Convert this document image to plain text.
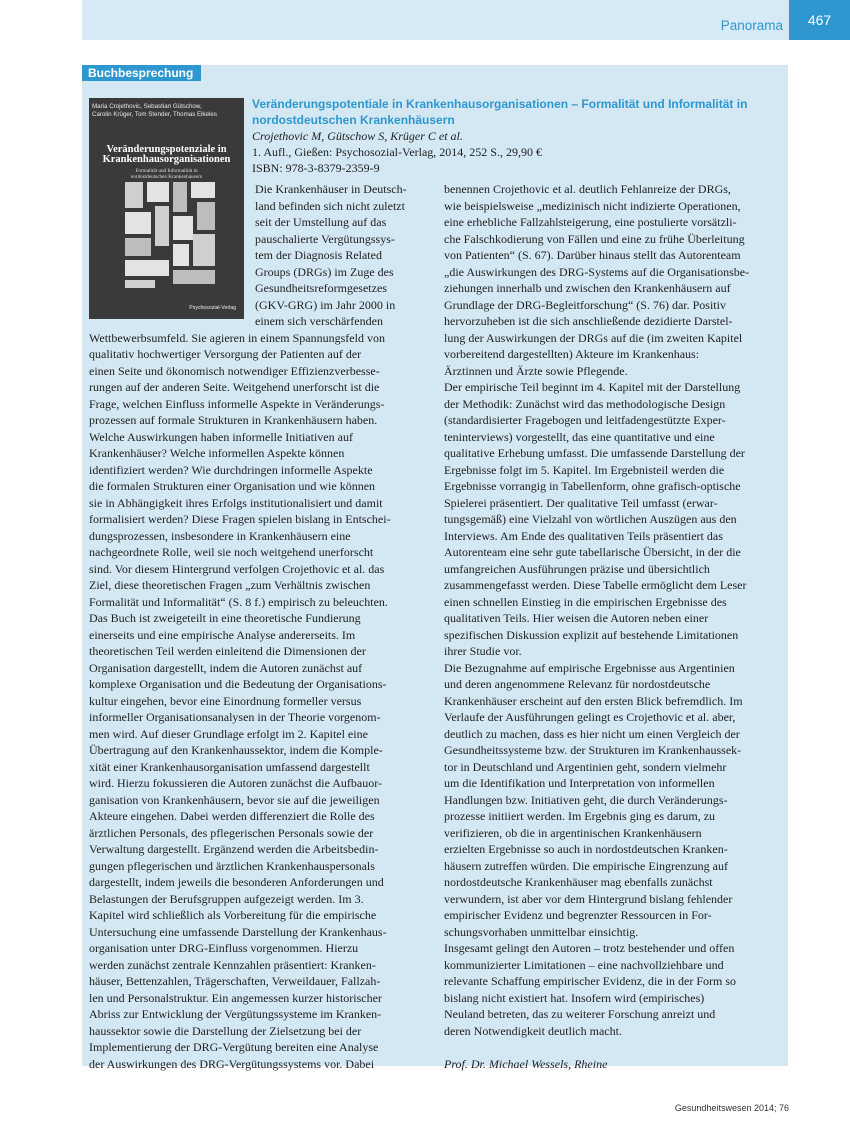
Panorama	467
Buchbesprechung
Maria Crojethovic, Sebastian Gütschow,
Carolin Krüger, Tom Stender, Thomas Elkeles
Veränderungspotenziale in
Krankenhausorganisationen
Formalität und Informalität in
nordostdeutschen Krankenhäusern
Psychosozial-Verlag
Veränderungspotentiale in Krankenhausorganisationen – Formalität und Informalität in
nordostdeutschen Krankenhäusern
Crojethovic M, Gütschow S, Krüger C et al.
1. Aufl., Gießen: Psychosozial-Verlag, 2014, 252 S., 29,90 €
ISBN: 978-3-8379-2359-9
Die Krankenhäuser in Deutsch-
land befinden sich nicht zuletzt
seit der Umstellung auf das
pauschalierte Vergütungssys-
tem der Diagnosis Related
Groups (DRGs) im Zuge des
Gesundheitsreformgesetzes
(GKV-GRG) im Jahr 2000 in
einem sich verschärfenden
Wettbewerbsumfeld. Sie agieren in einem Spannungsfeld von
qualitativ hochwertiger Versorgung der Patienten auf der
einen Seite und ökonomisch notwendiger Effizienzverbesse-
rungen auf der anderen Seite. Weitgehend unerforscht ist die
Frage, welchen Einfluss informelle Aspekte in Veränderungs-
prozessen auf formale Strukturen in Krankenhäusern haben.
Welche Auswirkungen haben informelle Initiativen auf
Krankenhäuser? Welche informellen Aspekte können
identifiziert werden? Wie durchdringen informelle Aspekte
die formalen Strukturen einer Organisation und wie können
sie in Abhängigkeit ihres Erfolgs institutionalisiert und damit
formalisiert werden? Diese Fragen spielen bislang in Entschei-
dungsprozessen, insbesondere in Krankenhäusern eine
nachgeordnete Rolle, weil sie noch weitgehend unerforscht
sind. Vor diesem Hintergrund verfolgen Crojethovic et al. das
Ziel, diese theoretischen Fragen „zum Verhältnis zwischen
Formalität und Informalität“ (S. 8 f.) empirisch zu beleuchten.
Das Buch ist zweigeteilt in eine theoretische Fundierung
einerseits und eine empirische Analyse andererseits. Im
theoretischen Teil werden einleitend die Dimensionen der
Organisation dargestellt, indem die Autoren zunächst auf
komplexe Organisation und die Bedeutung der Organisations-
kultur eingehen, bevor eine Einordnung formeller versus
informeller Organisationsanalysen in der Theorie vorgenom-
men wird. Auf dieser Grundlage erfolgt im 2. Kapitel eine
Übertragung auf den Krankenhaussektor, indem die Komple-
xität einer Krankenhausorganisation umfassend dargestellt
wird. Hierzu fokussieren die Autoren zunächst die Aufbauor-
ganisation von Krankenhäusern, bevor sie auf die jeweiligen
Akteure eingehen. Dabei werden differenziert die Rolle des
ärztlichen Personals, des pflegerischen Personals sowie der
Verwaltung dargestellt. Ergänzend werden die Arbeitsbedin-
gungen pflegerischen und ärztlichen Krankenhauspersonals
dargestellt, indem jeweils die besonderen Anforderungen und
Belastungen der Berufsgruppen aufgezeigt werden. Im 3.
Kapitel wird schließlich als Vorbereitung für die empirische
Untersuchung eine umfassende Darstellung der Krankenhaus-
organisation unter DRG-Einfluss vorgenommen. Hierzu
werden zunächst zentrale Kennzahlen präsentiert: Kranken-
häuser, Bettenzahlen, Trägerschaften, Verweildauer, Fallzah-
len und Personalstruktur. Ein angemessen kurzer historischer
Abriss zur Entwicklung der Vergütungssysteme im Kranken-
haussektor sowie die Darstellung der Zielsetzung bei der
Implementierung der DRG-Vergütung bereiten eine Analyse
der Auswirkungen des DRG-Vergütungssystems vor. Dabei
benennen Crojethovic et al. deutlich Fehlanreize der DRGs,
wie beispielsweise „medizinisch nicht indizierte Operationen,
eine erhebliche Fallzahlsteigerung, eine postulierte vorsätzli-
che Falschkodierung von Fällen und eine zu frühe Überleitung
von Patienten“ (S. 67). Darüber hinaus stellt das Autorenteam
„die Auswirkungen des DRG-Systems auf die Organisationsbe-
ziehungen innerhalb und zwischen den Krankenhäusern auf
Grundlage der DRG-Begleitforschung“ (S. 76) dar. Positiv
hervorzuheben ist die sich anschließende dezidierte Darstel-
lung der Auswirkungen der DRGs auf die (im zweiten Kapitel
vorbereitend dargestellten) Akteure im Krankenhaus:
Ärztinnen und Ärzte sowie Pflegende.
Der empirische Teil beginnt im 4. Kapitel mit der Darstellung
der Methodik: Zunächst wird das methodologische Design
(standardisierter Fragebogen und leitfadengestützte Exper-
teninterviews) vorgestellt, das eine quantitative und eine
qualitative Erhebung umfasst. Die umfassende Darstellung der
Ergebnisse folgt im 5. Kapitel. Im Ergebnisteil werden die
Ergebnisse vorrangig in Tabellenform, ohne grafisch-optische
Spielerei präsentiert. Der qualitative Teil umfasst (erwar-
tungsgemäß) eine Vielzahl von wörtlichen Auszügen aus den
Interviews. Am Ende des qualitativen Teils präsentiert das
Autorenteam eine sehr gute tabellarische Übersicht, in der die
umfangreichen Ausführungen präzise und übersichtlich
zusammengefasst werden. Diese Tabelle ermöglicht dem Leser
einen schnellen Einstieg in die empirischen Ergebnisse des
qualitativen Teils. Hier weisen die Autoren neben einer
spezifischen Diskussion explizit auf bestehende Limitationen
ihrer Studie vor.
Die Bezugnahme auf empirische Ergebnisse aus Argentinien
und deren angenommene Relevanz für nordostdeutsche
Krankenhäuser erscheint auf den ersten Blick befremdlich. Im
Verlaufe der Ausführungen gelingt es Crojethovic et al. aber,
deutlich zu machen, dass es hier nicht um einen Vergleich der
Gesundheitssysteme bzw. der Strukturen im Krankenhaussek-
tor in Deutschland und Argentinien geht, sondern vielmehr
um die Identifikation und Interpretation von informellen
Handlungen bzw. Initiativen geht, die durch Veränderungs-
prozesse initiiert werden. Im Ergebnis ging es darum, zu
verifizieren, ob die in argentinischen Krankenhäusern
erzielten Ergebnisse so auch in nordostdeutschen Kranken-
häusern zutreffen würden. Die empirische Eingrenzung auf
nordostdeutsche Krankenhäuser mag ebenfalls zunächst
verwundern, ist aber vor dem Hintergrund bislang fehlender
empirischer Evidenz und begrenzter Ressourcen in For-
schungsvorhaben unmittelbar einsichtig.
Insgesamt gelingt den Autoren – trotz bestehender und offen
kommunizierter Limitationen – eine nachvollziehbare und
relevante Schaffung empirischer Evidenz, die in der Form so
bislang nicht existiert hat. Insofern wird (empirisches)
Neuland betreten, das zu weiterer Forschung anreizt und
deren Notwendigkeit deutlich macht.
Prof. Dr. Michael Wessels, Rheine
Gesundheitswesen 2014; 76
